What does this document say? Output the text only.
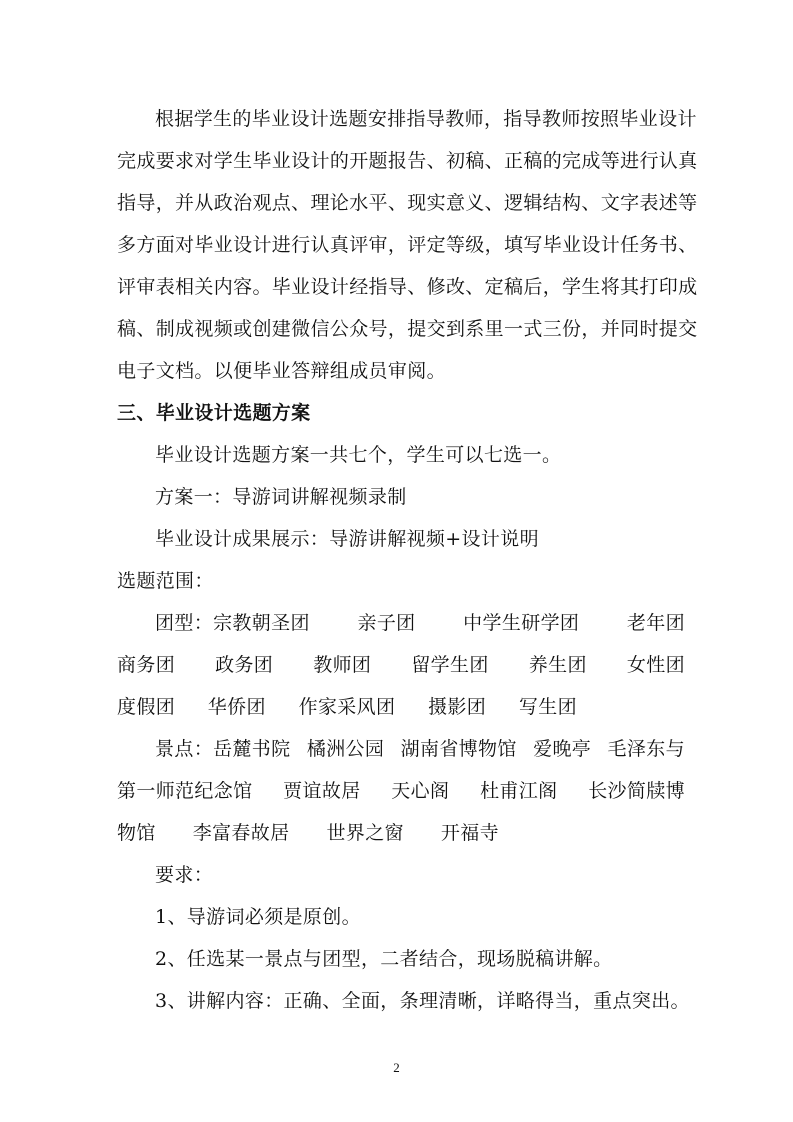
根据学生的毕业设计选题安排指导教师，指导教师按照毕业设计
完成要求对学生毕业设计的开题报告、初稿、正稿的完成等进行认真
指导，并从政治观点、理论水平、现实意义、逻辑结构、文字表述等
多方面对毕业设计进行认真评审，评定等级，填写毕业设计任务书、
评审表相关内容。毕业设计经指导、修改、定稿后，学生将其打印成
稿、制成视频或创建微信公众号，提交到系里一式三份，并同时提交
电子文档。以便毕业答辩组成员审阅。
三、毕业设计选题方案
毕业设计选题方案一共七个，学生可以七选一。
方案一：导游词讲解视频录制
毕业设计成果展示：导游讲解视频+设计说明
选题范围：
团型：宗教朝圣团	亲子团	中学生研学团	老年团
商务团 政务团 教师团 留学生团 养生团 女性团
度假团 华侨团 作家采风团 摄影团 写生团
景点：岳麓书院 橘洲公园 湖南省博物馆 爱晚亭 毛泽东与
第一师范纪念馆 贾谊故居 天心阁 杜甫江阁 长沙简牍博
物馆 李富春故居 世界之窗 开福寺
要求：
1、导游词必须是原创。
2、任选某一景点与团型，二者结合，现场脱稿讲解。
3、讲解内容：正确、全面，条理清晰，详略得当，重点突出。
2
